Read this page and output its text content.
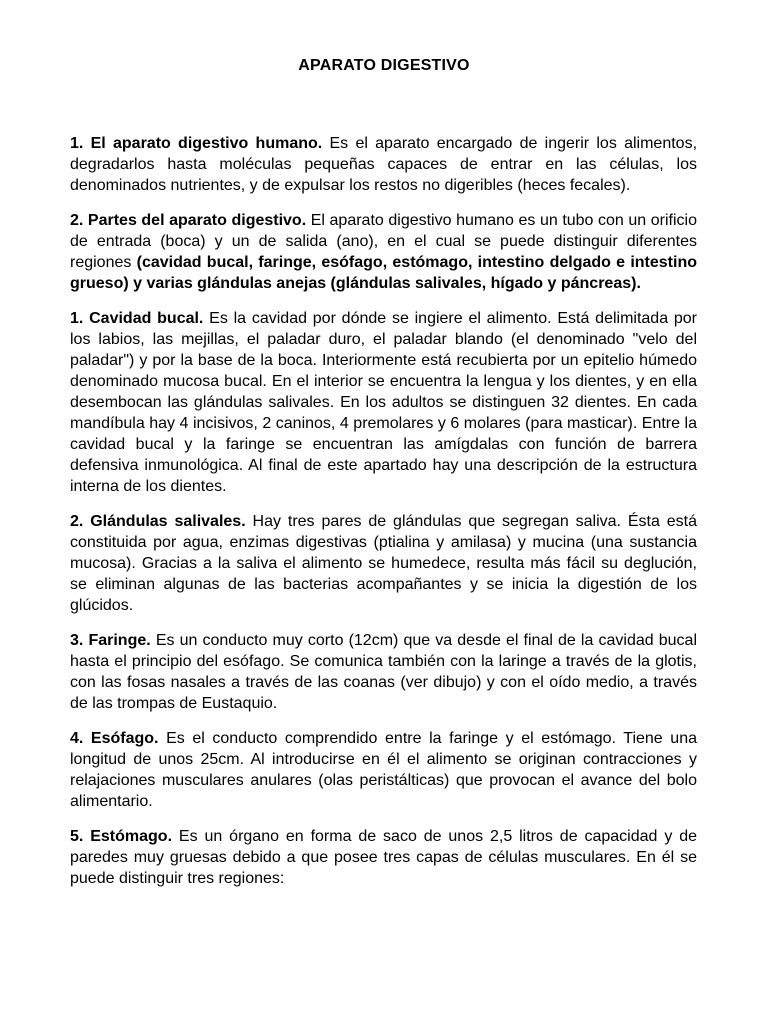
APARATO DIGESTIVO

1. El aparato digestivo humano. Es el aparato encargado de ingerir los alimentos, degradarlos hasta moléculas pequeñas capaces de entrar en las células, los denominados nutrientes, y de expulsar los restos no digeribles (heces fecales).

2. Partes del aparato digestivo. El aparato digestivo humano es un tubo con un orificio de entrada (boca) y un de salida (ano), en el cual se puede distinguir diferentes regiones (cavidad bucal, faringe, esófago, estómago, intestino delgado e intestino grueso) y varias glándulas anejas (glándulas salivales, hígado y páncreas).

1. Cavidad bucal. Es la cavidad por dónde se ingiere el alimento. Está delimitada por los labios, las mejillas, el paladar duro, el paladar blando (el denominado "velo del paladar") y por la base de la boca. Interiormente está recubierta por un epitelio húmedo denominado mucosa bucal. En el interior se encuentra la lengua y los dientes, y en ella desembocan las glándulas salivales. En los adultos se distinguen 32 dientes. En cada mandíbula hay 4 incisivos, 2 caninos, 4 premolares y 6 molares (para masticar). Entre la cavidad bucal y la faringe se encuentran las amígdalas con función de barrera defensiva inmunológica. Al final de este apartado hay una descripción de la estructura interna de los dientes.

2. Glándulas salivales. Hay tres pares de glándulas que segregan saliva. Ésta está constituida por agua, enzimas digestivas (ptialina y amilasa) y mucina (una sustancia mucosa). Gracias a la saliva el alimento se humedece, resulta más fácil su deglución, se eliminan algunas de las bacterias acompañantes y se inicia la digestión de los glúcidos.

3. Faringe. Es un conducto muy corto (12cm) que va desde el final de la cavidad bucal hasta el principio del esófago. Se comunica también con la laringe a través de la glotis, con las fosas nasales a través de las coanas (ver dibujo) y con el oído medio, a través de las trompas de Eustaquio.

4. Esófago. Es el conducto comprendido entre la faringe y el estómago. Tiene una longitud de unos 25cm. Al introducirse en él el alimento se originan contracciones y relajaciones musculares anulares (olas peristálticas) que provocan el avance del bolo alimentario.

5. Estómago. Es un órgano en forma de saco de unos 2,5 litros de capacidad y de paredes muy gruesas debido a que posee tres capas de células musculares. En él se puede distinguir tres regiones:
